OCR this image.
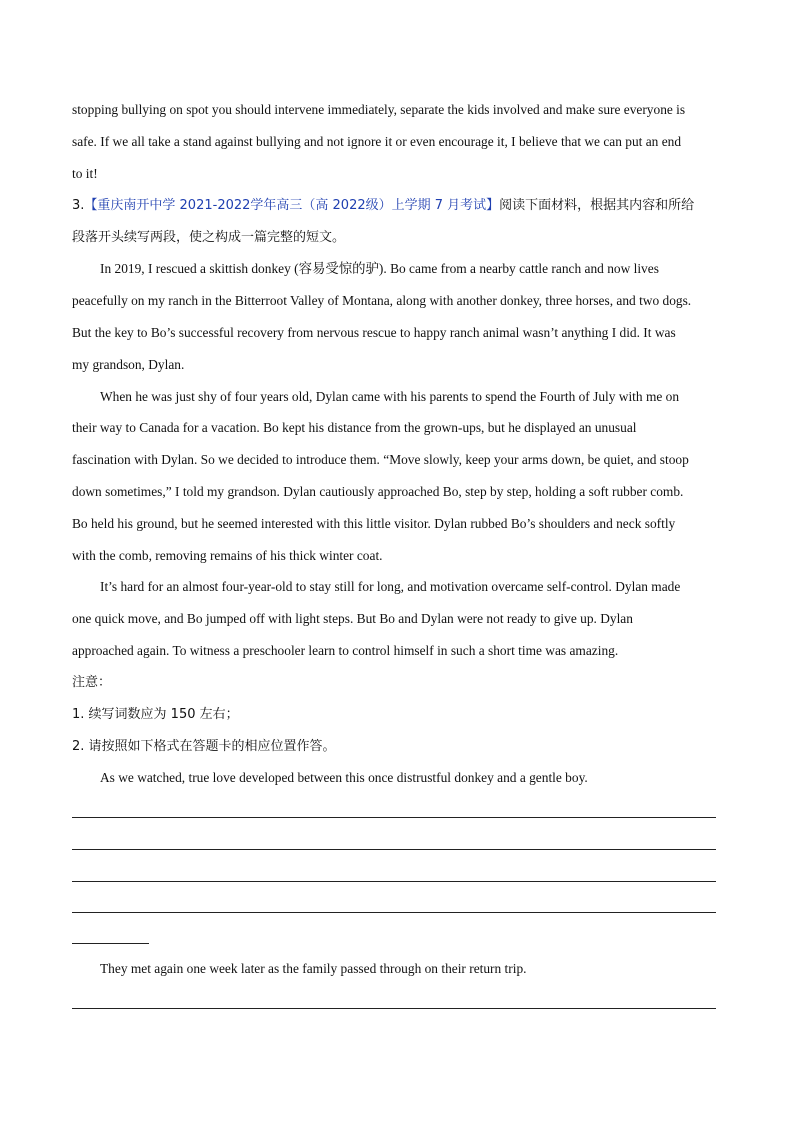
stopping bullying on spot you should intervene immediately, separate the kids involved and make sure everyone is
safe. If we all take a stand against bullying and not ignore it or even encourage it, I believe that we can put an end
to it!
3.【重庆南开中学 2021-2022学年高三（高 2022级）上学期 7 月考试】阅读下面材料，根据其内容和所给
段落开头续写两段，使之构成一篇完整的短文。
In 2019, I rescued a skittish donkey (容易受惊的驴). Bo came from a nearby cattle ranch and now lives
peacefully on my ranch in the Bitterroot Valley of Montana, along with another donkey, three horses, and two dogs.
But the key to Bo’s successful recovery from nervous rescue to happy ranch animal wasn’t anything I did. It was
my grandson, Dylan.
When he was just shy of four years old, Dylan came with his parents to spend the Fourth of July with me on
their way to Canada for a vacation. Bo kept his distance from the grown-ups, but he displayed an unusual
fascination with Dylan. So we decided to introduce them. “Move slowly, keep your arms down, be quiet, and stoop
down sometimes,” I told my grandson. Dylan cautiously approached Bo, step by step, holding a soft rubber comb.
Bo held his ground, but he seemed interested with this little visitor. Dylan rubbed Bo’s shoulders and neck softly
with the comb, removing remains of his thick winter coat.
It’s hard for an almost four-year-old to stay still for long, and motivation overcame self-control. Dylan made
one quick move, and Bo jumped off with light steps. But Bo and Dylan were not ready to give up. Dylan
approached again. To witness a preschooler learn to control himself in such a short time was amazing.
注意：
1. 续写词数应为 150 左右；
2. 请按照如下格式在答题卡的相应位置作答。
As we watched, true love developed between this once distrustful donkey and a gentle boy.
They met again one week later as the family passed through on their return trip.
